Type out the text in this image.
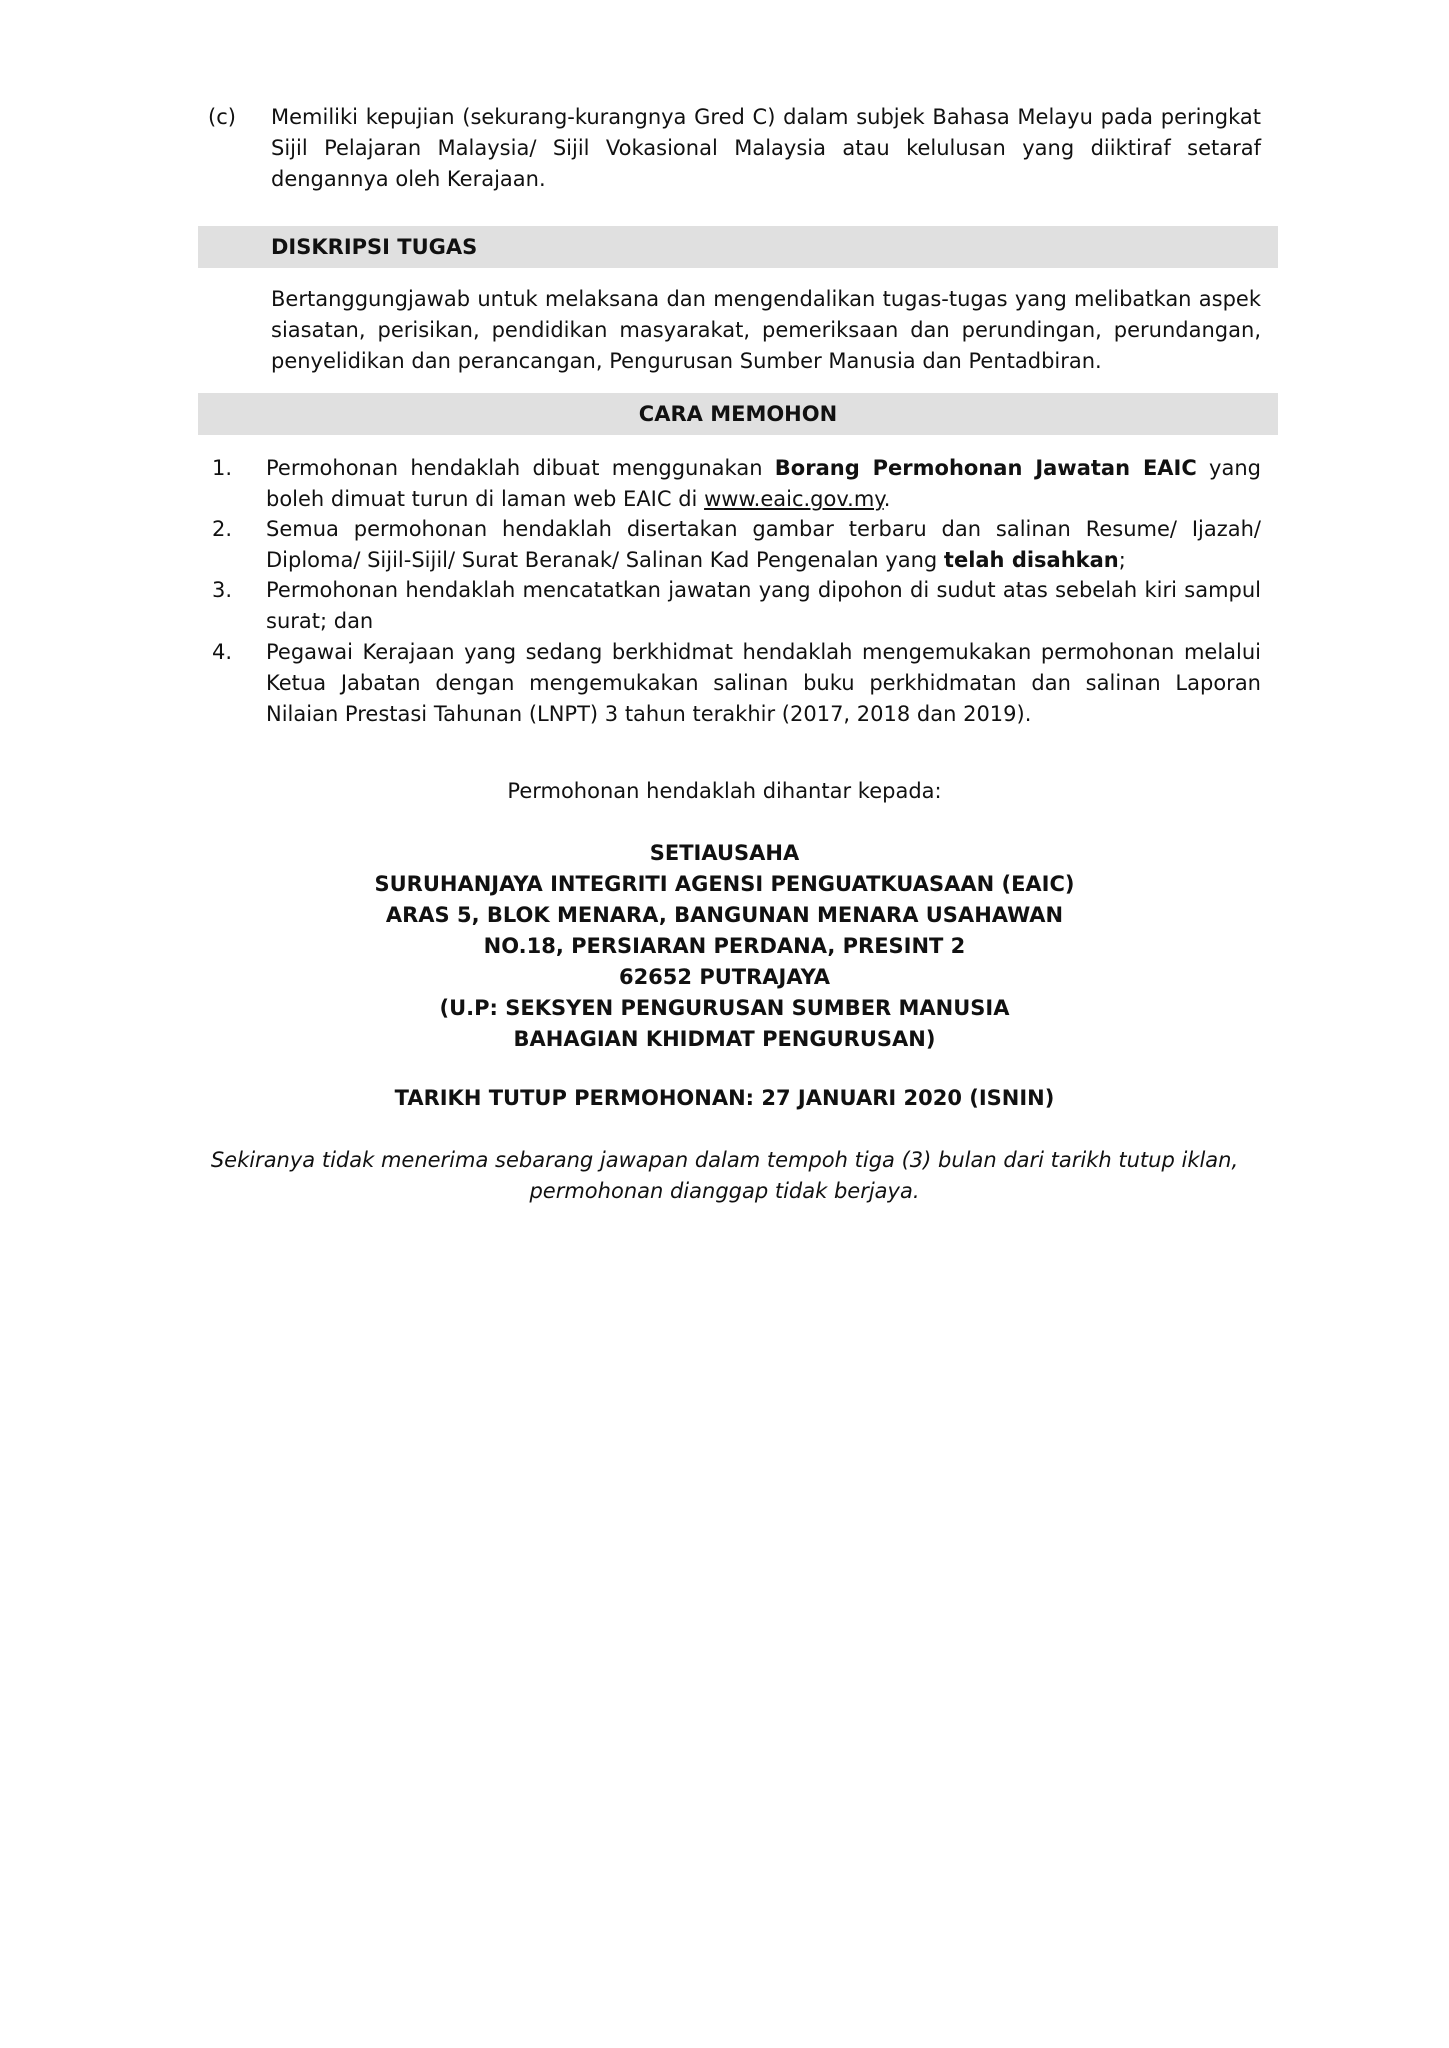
(c) Memiliki kepujian (sekurang-kurangnya Gred C) dalam subjek Bahasa Melayu pada peringkat Sijil Pelajaran Malaysia/ Sijil Vokasional Malaysia atau kelulusan yang diiktiraf setaraf dengannya oleh Kerajaan.
DISKRIPSI TUGAS
Bertanggungjawab untuk melaksana dan mengendalikan tugas-tugas yang melibatkan aspek siasatan, perisikan, pendidikan masyarakat, pemeriksaan dan perundingan, perundangan, penyelidikan dan perancangan, Pengurusan Sumber Manusia dan Pentadbiran.
CARA MEMOHON
1. Permohonan hendaklah dibuat menggunakan Borang Permohonan Jawatan EAIC yang boleh dimuat turun di laman web EAIC di www.eaic.gov.my.
2. Semua permohonan hendaklah disertakan gambar terbaru dan salinan Resume/ Ijazah/ Diploma/ Sijil-Sijil/ Surat Beranak/ Salinan Kad Pengenalan yang telah disahkan;
3. Permohonan hendaklah mencatatkan jawatan yang dipohon di sudut atas sebelah kiri sampul surat; dan
4. Pegawai Kerajaan yang sedang berkhidmat hendaklah mengemukakan permohonan melalui Ketua Jabatan dengan mengemukakan salinan buku perkhidmatan dan salinan Laporan Nilaian Prestasi Tahunan (LNPT) 3 tahun terakhir (2017, 2018 dan 2019).
Permohonan hendaklah dihantar kepada:
SETIAUSAHA
SURUHANJAYA INTEGRITI AGENSI PENGUATKUASAAN (EAIC)
ARAS 5, BLOK MENARA, BANGUNAN MENARA USAHAWAN
NO.18, PERSIARAN PERDANA, PRESINT 2
62652 PUTRAJAYA
(U.P: SEKSYEN PENGURUSAN SUMBER MANUSIA
BAHAGIAN KHIDMAT PENGURUSAN)
TARIKH TUTUP PERMOHONAN: 27 JANUARI 2020 (ISNIN)
Sekiranya tidak menerima sebarang jawapan dalam tempoh tiga (3) bulan dari tarikh tutup iklan,
permohonan dianggap tidak berjaya.
